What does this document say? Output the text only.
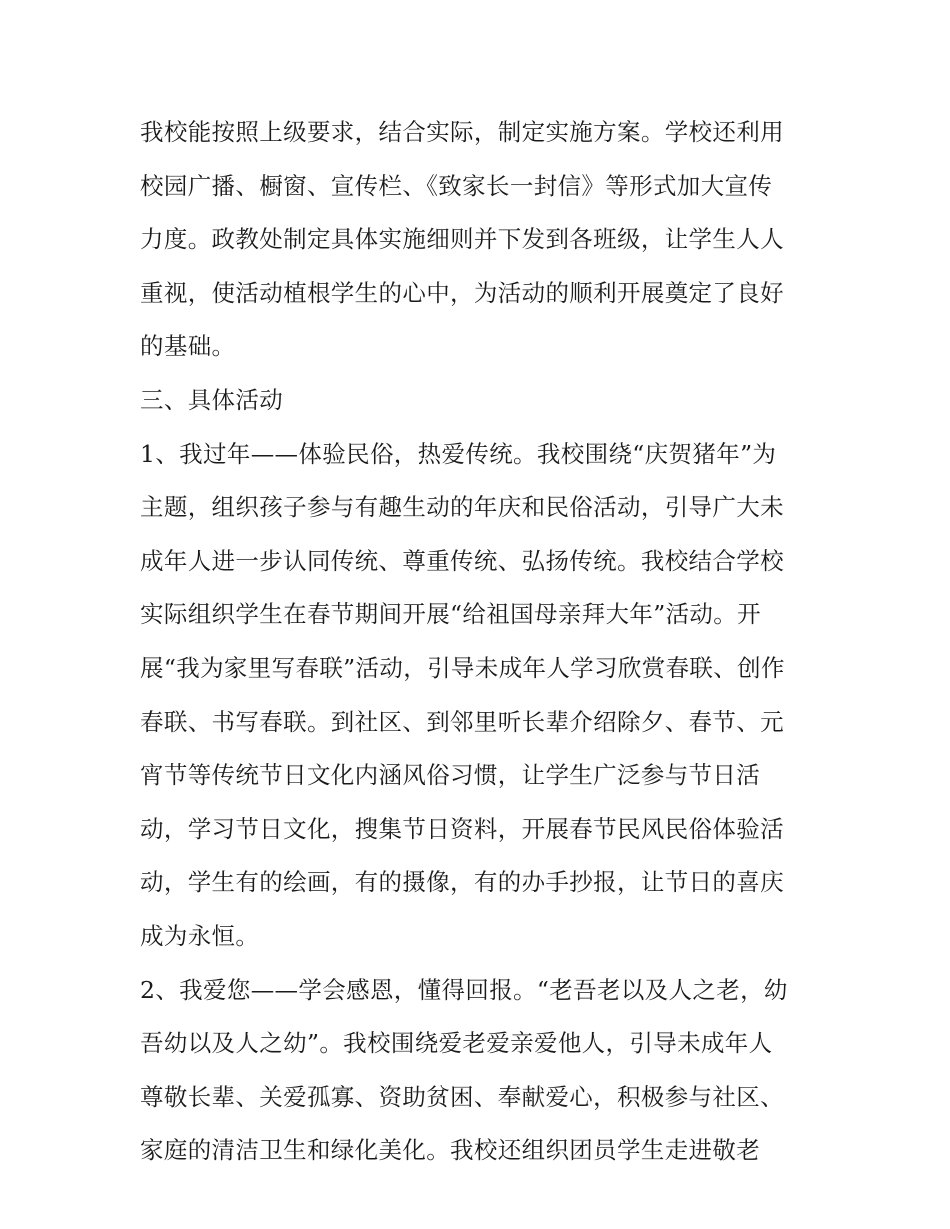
我校能按照上级要求，结合实际，制定实施方案。学校还利用
校园广播、橱窗、宣传栏、《致家长一封信》等形式加大宣传
力度。政教处制定具体实施细则并下发到各班级，让学生人人
重视，使活动植根学生的心中，为活动的顺利开展奠定了良好
的基础。
三、具体活动
1、我过年——体验民俗，热爱传统。我校围绕“庆贺猪年”为
主题，组织孩子参与有趣生动的年庆和民俗活动，引导广大未
成年人进一步认同传统、尊重传统、弘扬传统。我校结合学校
实际组织学生在春节期间开展“给祖国母亲拜大年”活动。开
展“我为家里写春联”活动，引导未成年人学习欣赏春联、创作
春联、书写春联。到社区、到邻里听长辈介绍除夕、春节、元
宵节等传统节日文化内涵风俗习惯，让学生广泛参与节日活
动，学习节日文化，搜集节日资料，开展春节民风民俗体验活
动，学生有的绘画，有的摄像，有的办手抄报，让节日的喜庆
成为永恒。
2、我爱您——学会感恩，懂得回报。“老吾老以及人之老，幼
吾幼以及人之幼”。我校围绕爱老爱亲爱他人，引导未成年人
尊敬长辈、关爱孤寡、资助贫困、奉献爱心，积极参与社区、
家庭的清洁卫生和绿化美化。我校还组织团员学生走进敬老
